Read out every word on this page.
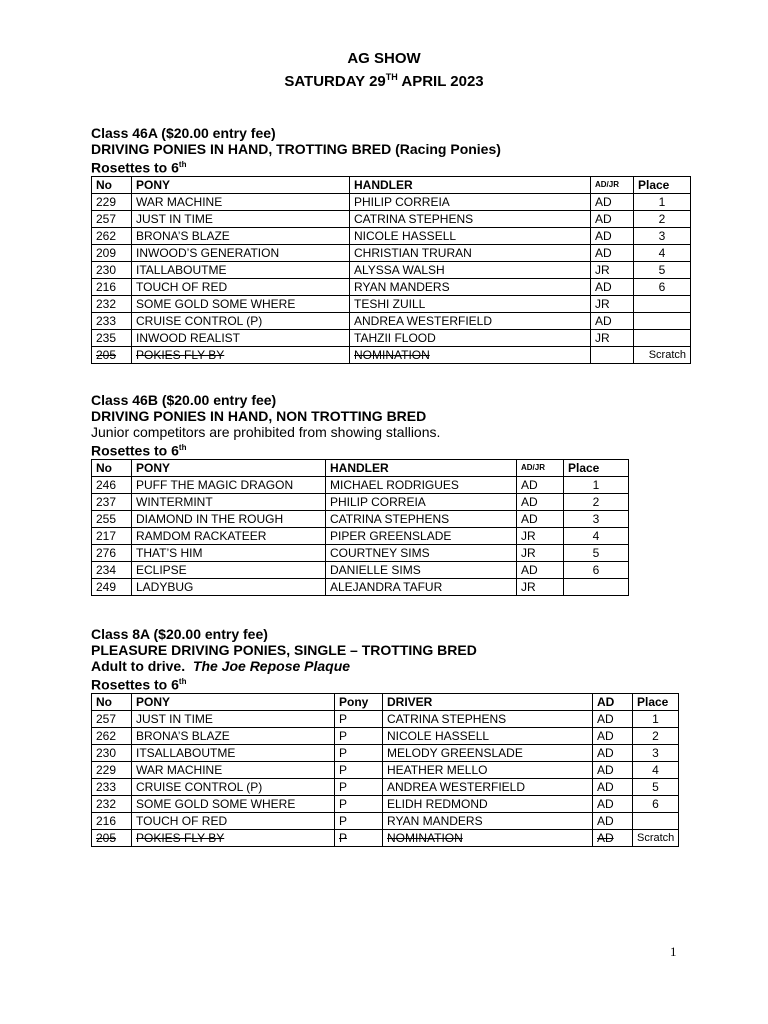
AG SHOW
SATURDAY 29TH APRIL 2023

Class 46A ($20.00 entry fee)

DRIVING PONIES IN HAND, TROTTING BRED (Racing Ponies)

Rosettes to 6th

No	PONY	HANDLER	AD/JR	Place
229	WAR MACHINE	PHILIP CORREIA	AD	1
257	JUST IN TIME	CATRINA STEPHENS	AD	2
262	BRONA’S BLAZE	NICOLE HASSELL	AD	3
209	INWOOD’S GENERATION	CHRISTIAN TRURAN	AD	4
230	ITALLABOUTME	ALYSSA WALSH	JR	5
216	TOUCH OF RED	RYAN MANDERS	AD	6
232	SOME GOLD SOME WHERE	TESHI ZUILL	JR	
233	CRUISE CONTROL (P)	ANDREA WESTERFIELD	AD	
235	INWOOD REALIST	TAHZII FLOOD	JR	
205	POKIES FLY BY	NOMINATION		Scratch

Class 46B ($20.00 entry fee)

DRIVING PONIES IN HAND, NON TROTTING BRED

Junior competitors are prohibited from showing stallions.

Rosettes to 6th

No	PONY	HANDLER	AD/JR	Place
246	PUFF THE MAGIC DRAGON	MICHAEL RODRIGUES	AD	1
237	WINTERMINT	PHILIP CORREIA	AD	2
255	DIAMOND IN THE ROUGH	CATRINA STEPHENS	AD	3
217	RAMDOM RACKATEER	PIPER GREENSLADE	JR	4
276	THAT’S HIM	COURTNEY SIMS	JR	5
234	ECLIPSE	DANIELLE SIMS	AD	6
249	LADYBUG	ALEJANDRA TAFUR	JR	

Class 8A ($20.00 entry fee)

PLEASURE DRIVING PONIES, SINGLE – TROTTING BRED

Adult to drive.  The Joe Repose Plaque

Rosettes to 6th

No	PONY	Pony	DRIVER	AD	Place
257	JUST IN TIME	P	CATRINA STEPHENS	AD	1
262	BRONA’S BLAZE	P	NICOLE HASSELL	AD	2
230	ITSALLABOUTME	P	MELODY GREENSLADE	AD	3
229	WAR MACHINE	P	HEATHER MELLO	AD	4
233	CRUISE CONTROL (P)	P	ANDREA WESTERFIELD	AD	5
232	SOME GOLD SOME WHERE	P	ELIDH REDMOND	AD	6
216	TOUCH OF RED	P	RYAN MANDERS	AD	
205	POKIES FLY BY	P	NOMINATION	AD	Scratch
1
